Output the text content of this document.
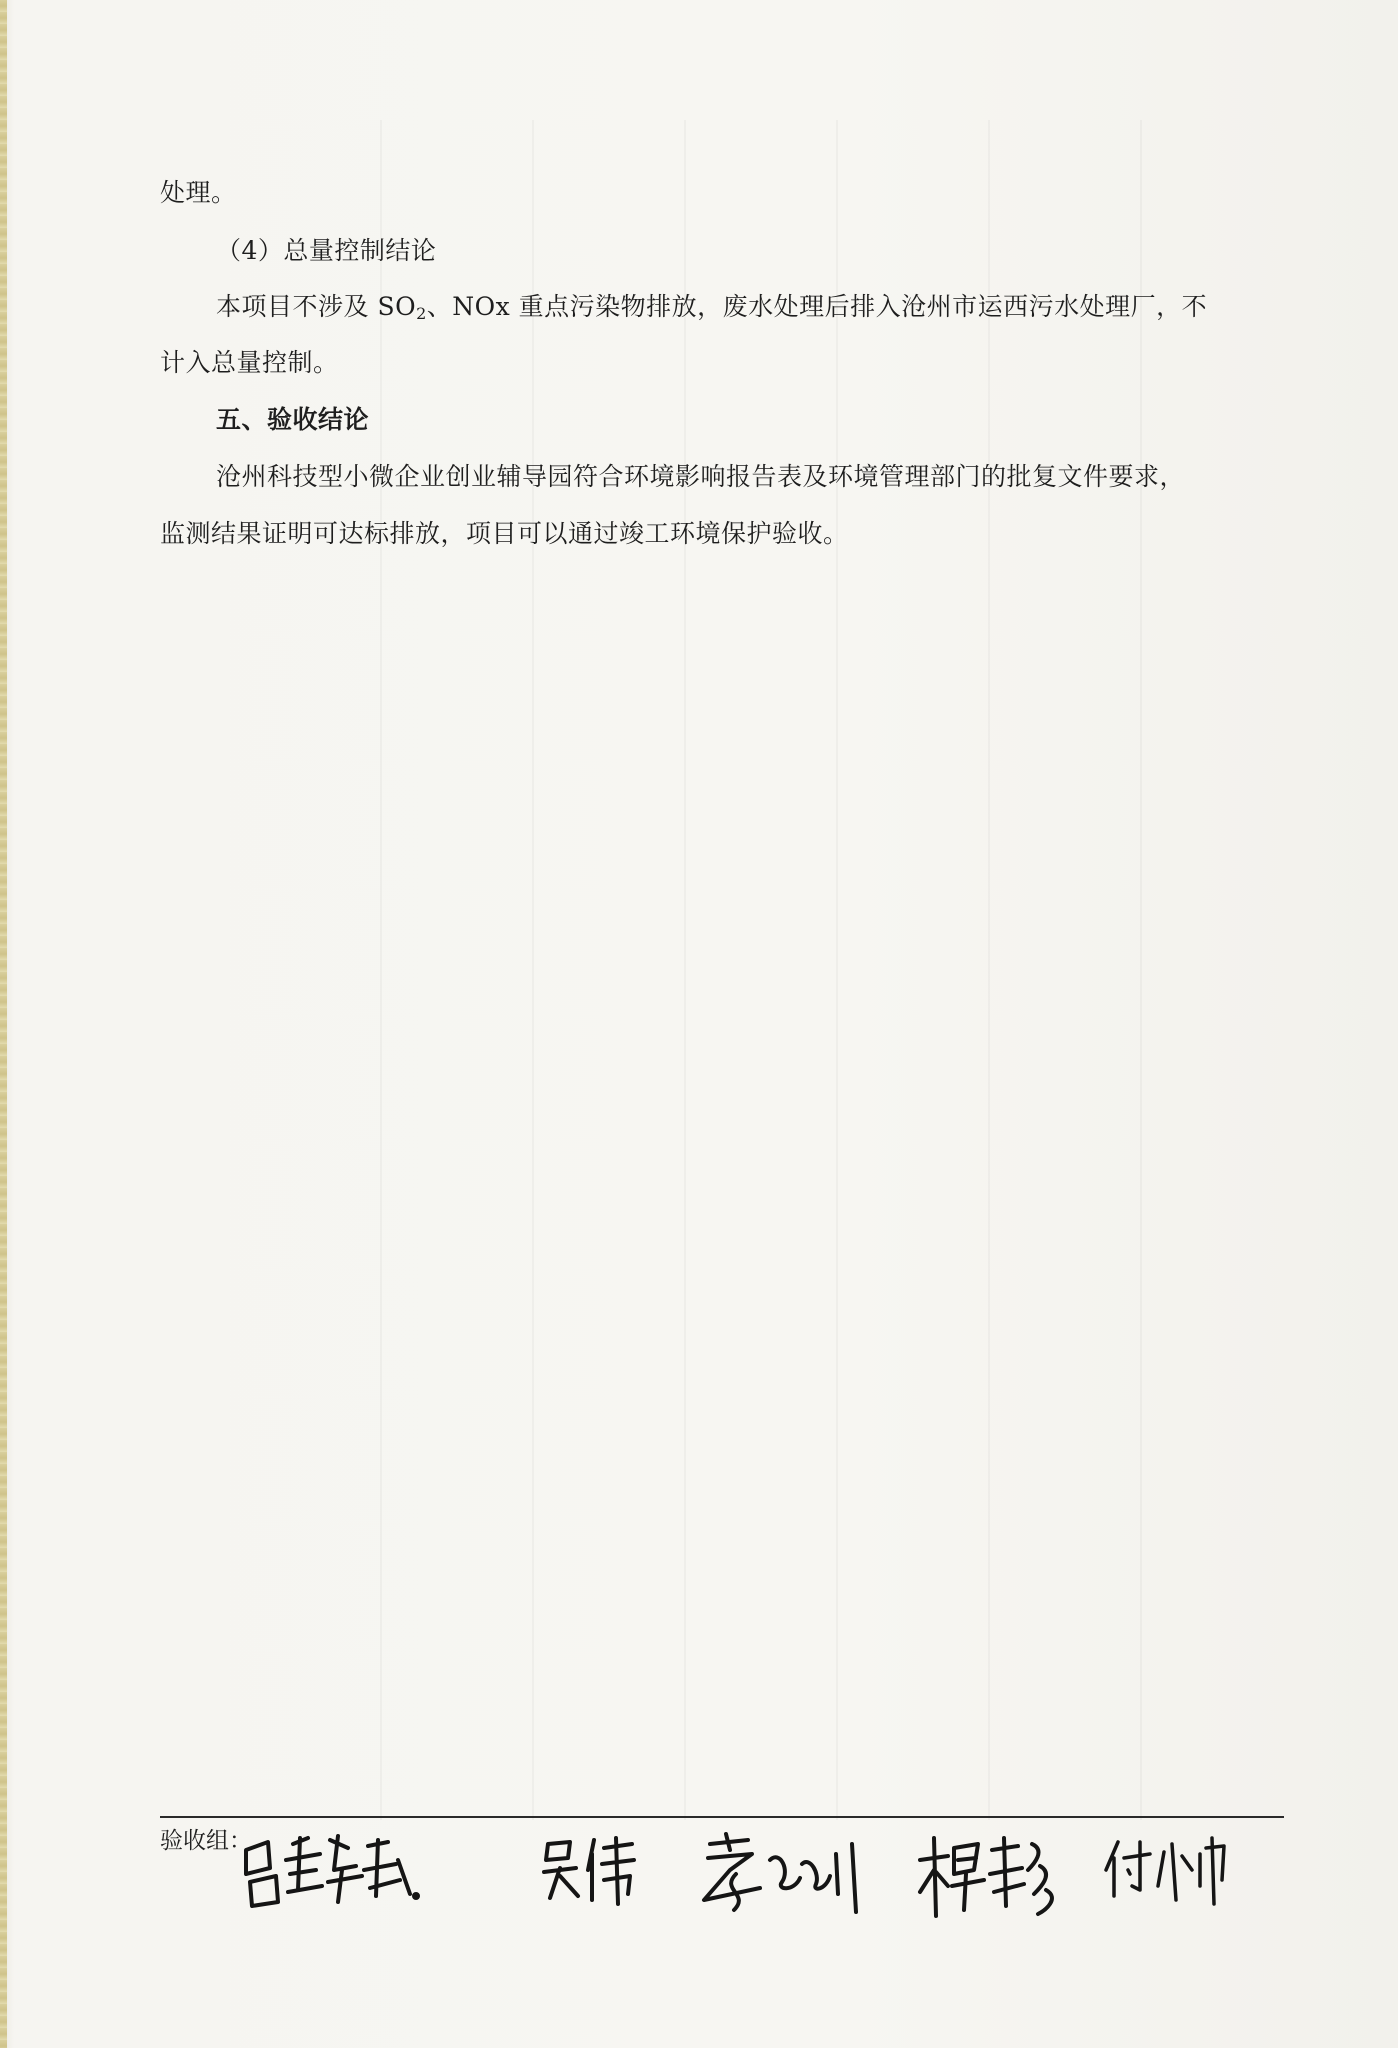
处理。
（4）总量控制结论
本项目不涉及 $SO_2$、NOx 重点污染物排放，废水处理后排入沧州市运西污水处理厂，不
计入总量控制。
五、验收结论
沧州科技型小微企业创业辅导园符合环境影响报告表及环境管理部门的批复文件要求，
监测结果证明可达标排放，项目可以通过竣工环境保护验收。
验收组：
